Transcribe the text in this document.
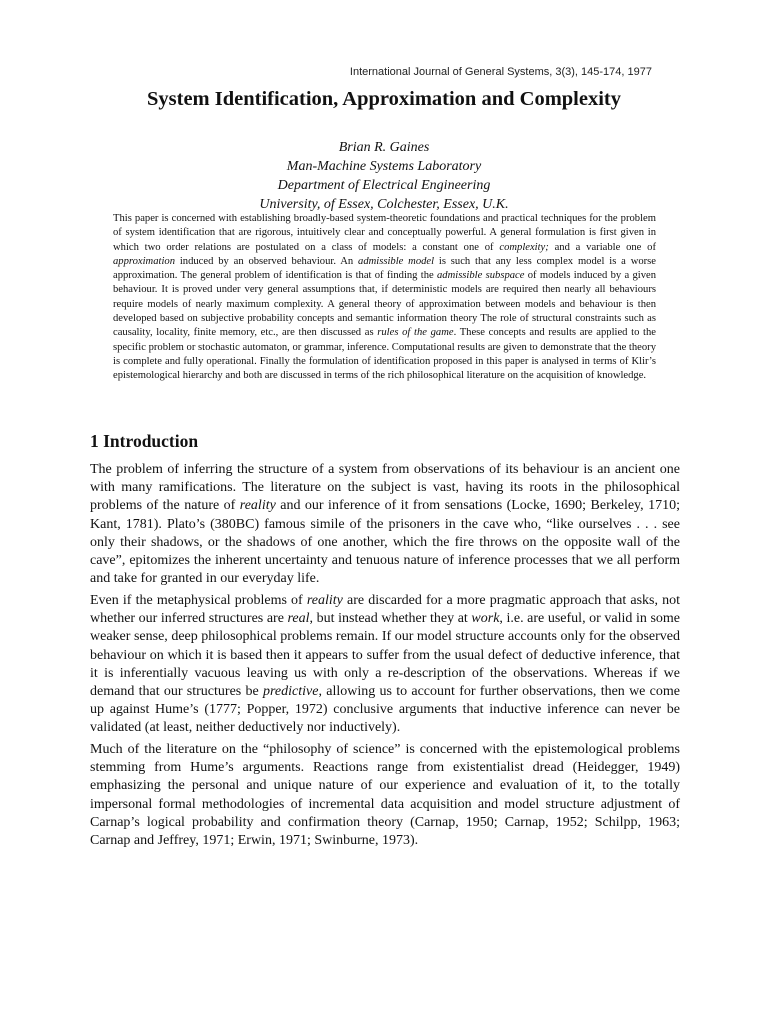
International Journal of General Systems, 3(3), 145-174, 1977
System Identification, Approximation and Complexity
Brian R. Gaines
Man-Machine Systems Laboratory
Department of Electrical Engineering
University, of Essex, Colchester, Essex, U.K.

This paper is concerned with establishing broadly-based system-theoretic foundations and practical techniques for the problem of system identification that are rigorous, intuitively clear and conceptually powerful. A general formulation is first given in which two order relations are postulated on a class of models: a constant one of complexity; and a variable one of approximation induced by an observed behaviour. An admissible model is such that any less complex model is a worse approximation. The general problem of identification is that of finding the admissible subspace of models induced by a given behaviour. It is proved under very general assumptions that, if deterministic models are required then nearly all behaviours require models of nearly maximum complexity. A general theory of approximation between models and behaviour is then developed based on subjective probability concepts and semantic information theory The role of structural constraints such as causality, locality, finite memory, etc., are then discussed as rules of the game. These concepts and results are applied to the specific problem or stochastic automaton, or grammar, inference. Computational results are given to demonstrate that the theory is complete and fully operational. Finally the formulation of identification proposed in this paper is analysed in terms of Klir’s epistemological hierarchy and both are discussed in terms of the rich philosophical literature on the acquisition of knowledge.

1 Introduction

The problem of inferring the structure of a system from observations of its behaviour is an ancient one with many ramifications. The literature on the subject is vast, having its roots in the philosophical problems of the nature of reality and our inference of it from sensations (Locke, 1690; Berkeley, 1710; Kant, 1781). Plato’s (380BC) famous simile of the prisoners in the cave who, “like ourselves . . . see only their shadows, or the shadows of one another, which the fire throws on the opposite wall of the cave”, epitomizes the inherent uncertainty and tenuous nature of inference processes that we all perform and take for granted in our everyday life.

Even if the metaphysical problems of reality are discarded for a more pragmatic approach that asks, not whether our inferred structures are real, but instead whether they at work, i.e. are useful, or valid in some weaker sense, deep philosophical problems remain. If our model structure accounts only for the observed behaviour on which it is based then it appears to suffer from the usual defect of deductive inference, that it is inferentially vacuous leaving us with only a re-description of the observations. Whereas if we demand that our structures be predictive, allowing us to account for further observations, then we come up against Hume’s (1777; Popper, 1972) conclusive arguments that inductive inference can never be validated (at least, neither deductively nor inductively).

Much of the literature on the “philosophy of science” is concerned with the epistemological problems stemming from Hume’s arguments. Reactions range from existentialist dread (Heidegger, 1949) emphasizing the personal and unique nature of our experience and evaluation of it, to the totally impersonal formal methodologies of incremental data acquisition and model structure adjustment of Carnap’s logical probability and confirmation theory (Carnap, 1950; Carnap, 1952; Schilpp, 1963; Carnap and Jeffrey, 1971; Erwin, 1971; Swinburne, 1973).
